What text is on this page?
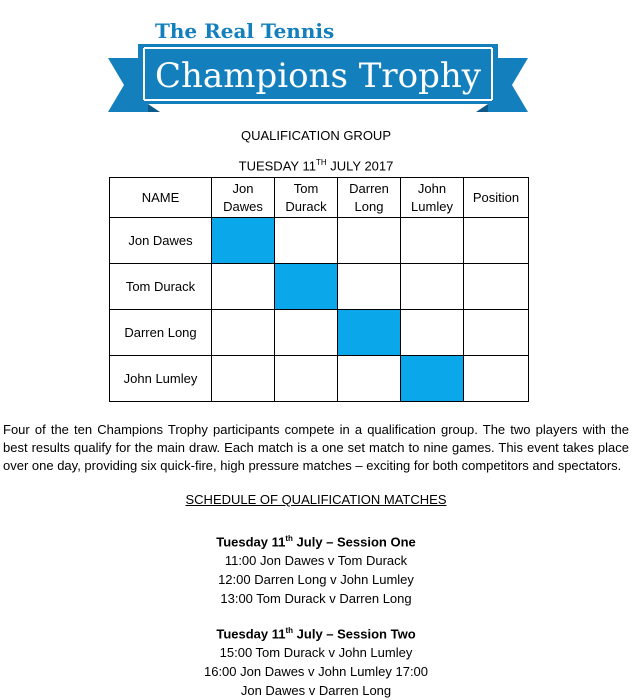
The Real Tennis
Champions Trophy
QUALIFICATION GROUP
TUESDAY 11TH JULY 2017
NAME	Jon Dawes	Tom Durack	Darren Long	John Lumley	Position
Jon Dawes					
Tom Durack					
Darren Long					
John Lumley					
Four of the ten Champions Trophy participants compete in a qualification group. The two players with the best results qualify for the main draw. Each match is a one set match to nine games. This event takes place over one day, providing six quick-fire, high pressure matches – exciting for both competitors and spectators.
SCHEDULE OF QUALIFICATION MATCHES
Tuesday 11th July – Session One
11:00 Jon Dawes v Tom Durack
12:00 Darren Long v John Lumley
13:00 Tom Durack v Darren Long
Tuesday 11th July – Session Two
15:00 Tom Durack v John Lumley
16:00 Jon Dawes v John Lumley 17:00
Jon Dawes v Darren Long
